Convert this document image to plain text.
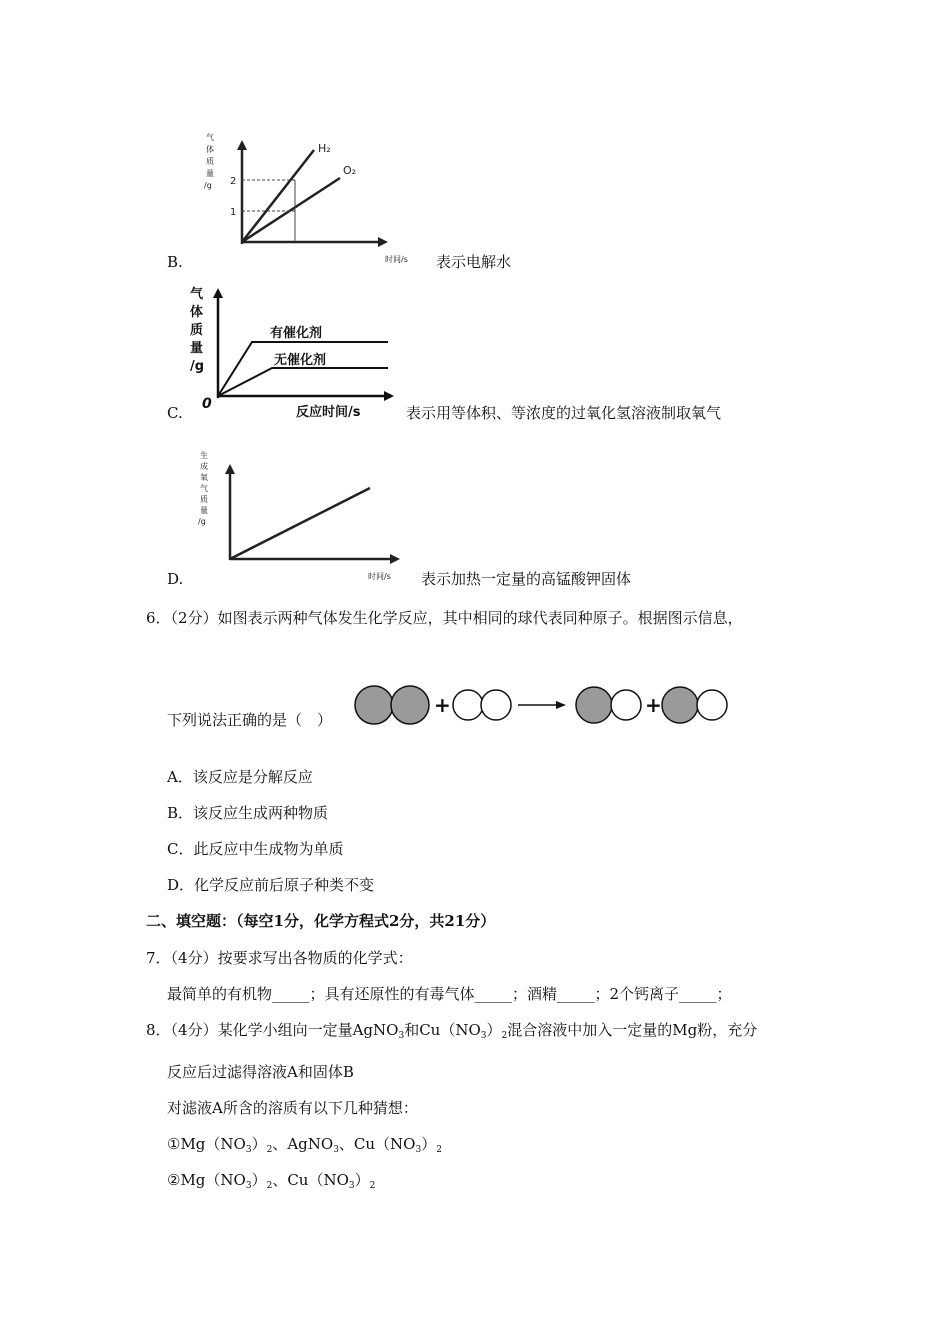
气
体
质
量
/g 2
1
H₂
O₂
时间/s
B.	表示电解水
气
体
质
量
/g
0
有催化剂
无催化剂
反应时间/s
C.	表示用等体积、等浓度的过氧化氢溶液制取氧气
生
成
氧
气
质
量
/g
时间/s
D.	表示加热一定量的高锰酸钾固体
6．（2分）如图表示两种气体发生化学反应，其中相同的球代表同种原子。根据图示信息，
+	+
下列说法正确的是（　）
A．该反应是分解反应
B．该反应生成两种物质
C．此反应中生成物为单质
D．化学反应前后原子种类不变
二、填空题：（每空1分，化学方程式2分，共21分）
7．（4分）按要求写出各物质的化学式：
最简单的有机物_____；具有还原性的有毒气体_____；酒精_____；2个钙离子_____；
8．（4分）某化学小组向一定量AgNO$_3$和$Cu(NO_3)_2$混合溶液中加入一定量的Mg粉，充分
反应后过滤得溶液A和固体B
对滤液A所含的溶质有以下几种猜想：
$①Mg(NO_3)_2$、AgNO$_3$、$Cu(NO_3)_2$
$②Mg(NO_3)_2$、$Cu(NO_3)_2$
